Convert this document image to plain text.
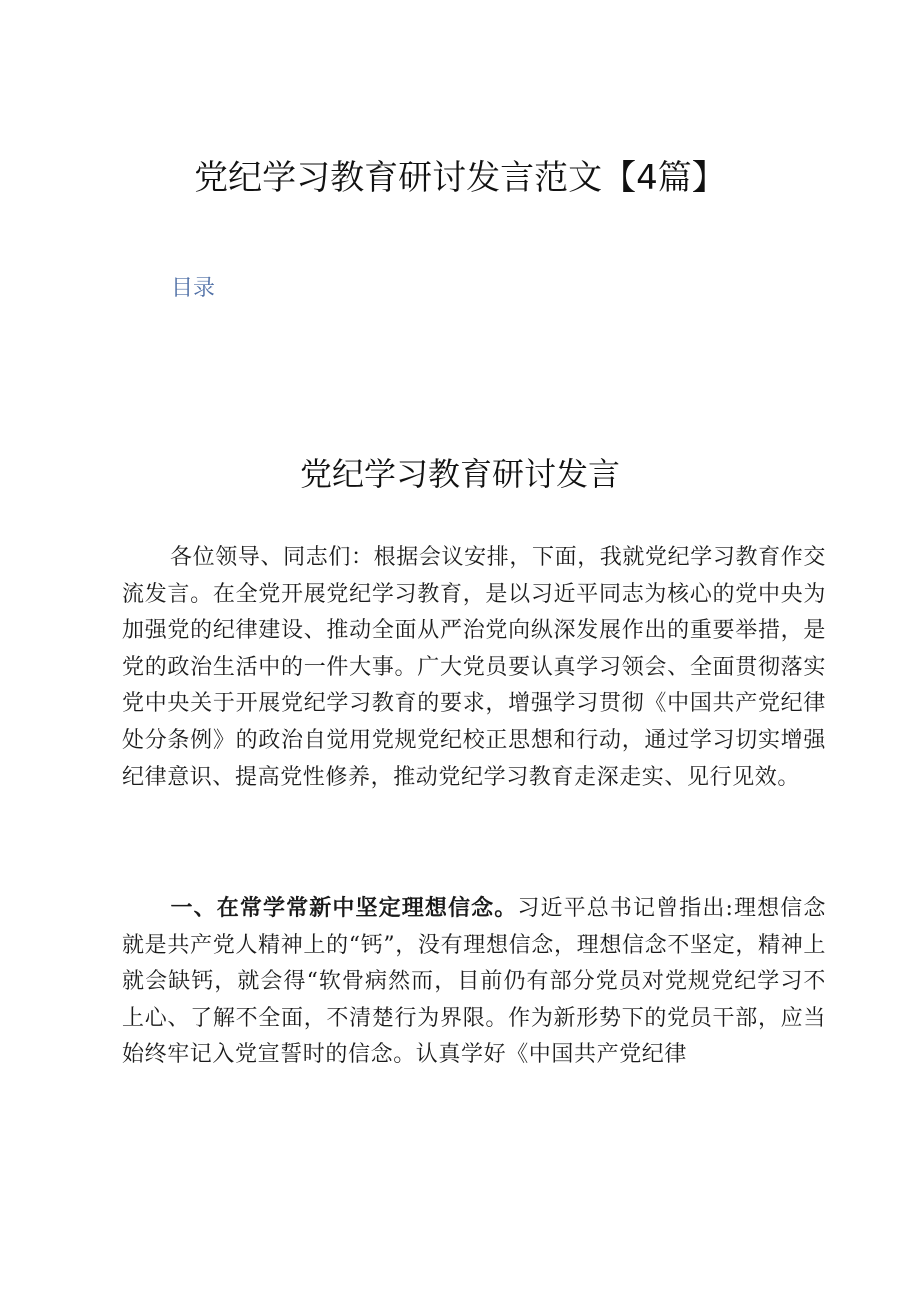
党纪学习教育研讨发言范文【4篇】
目录
党纪学习教育研讨发言

各位领导、同志们：根据会议安排，下面，我就党纪学习教育作交流发言。在全党开展党纪学习教育，是以习近平同志为核心的党中央为加强党的纪律建设、推动全面从严治党向纵深发展作出的重要举措，是党的政治生活中的一件大事。广大党员要认真学习领会、全面贯彻落实党中央关于开展党纪学习教育的要求，增强学习贯彻《中国共产党纪律处分条例》的政治自觉用党规党纪校正思想和行动，通过学习切实增强纪律意识、提高党性修养，推动党纪学习教育走深走实、见行见效。

一、在常学常新中坚定理想信念。习近平总书记曾指出:理想信念就是共产党人精神上的“钙”，没有理想信念，理想信念不坚定，精神上就会缺钙，就会得“软骨病然而，目前仍有部分党员对党规党纪学习不上心、了解不全面，不清楚行为界限。作为新形势下的党员干部，应当始终牢记入党宣誓时的信念。认真学好《中国共产党纪律
